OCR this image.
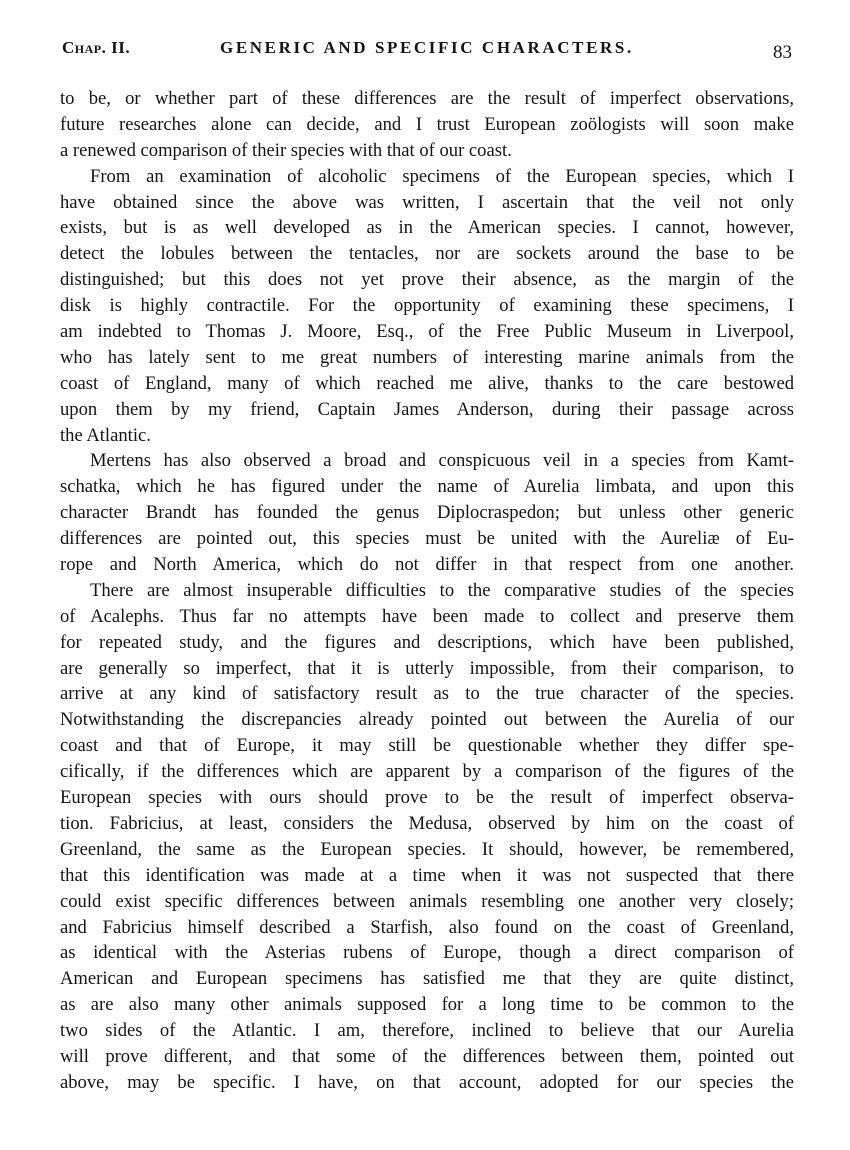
Chap. II.	GENERIC AND SPECIFIC CHARACTERS.	83
to be, or whether part of these differences are the result of imperfect observations,
future researches alone can decide, and I trust European zoölogists will soon make
a renewed comparison of their species with that of our coast.
From an examination of alcoholic specimens of the European species, which I
have obtained since the above was written, I ascertain that the veil not only
exists, but is as well developed as in the American species. I cannot, however,
detect the lobules between the tentacles, nor are sockets around the base to be
distinguished; but this does not yet prove their absence, as the margin of the
disk is highly contractile. For the opportunity of examining these specimens, I
am indebted to Thomas J. Moore, Esq., of the Free Public Museum in Liverpool,
who has lately sent to me great numbers of interesting marine animals from the
coast of England, many of which reached me alive, thanks to the care bestowed
upon them by my friend, Captain James Anderson, during their passage across
the Atlantic.
Mertens has also observed a broad and conspicuous veil in a species from Kamt-
schatka, which he has figured under the name of Aurelia limbata, and upon this
character Brandt has founded the genus Diplocraspedon; but unless other generic
differences are pointed out, this species must be united with the Aureliæ of Eu-
rope and North America, which do not differ in that respect from one another.
There are almost insuperable difficulties to the comparative studies of the species
of Acalephs. Thus far no attempts have been made to collect and preserve them
for repeated study, and the figures and descriptions, which have been published,
are generally so imperfect, that it is utterly impossible, from their comparison, to
arrive at any kind of satisfactory result as to the true character of the species.
Notwithstanding the discrepancies already pointed out between the Aurelia of our
coast and that of Europe, it may still be questionable whether they differ spe-
cifically, if the differences which are apparent by a comparison of the figures of the
European species with ours should prove to be the result of imperfect observa-
tion. Fabricius, at least, considers the Medusa, observed by him on the coast of
Greenland, the same as the European species. It should, however, be remembered,
that this identification was made at a time when it was not suspected that there
could exist specific differences between animals resembling one another very closely;
and Fabricius himself described a Starfish, also found on the coast of Greenland,
as identical with the Asterias rubens of Europe, though a direct comparison of
American and European specimens has satisfied me that they are quite distinct,
as are also many other animals supposed for a long time to be common to the
two sides of the Atlantic. I am, therefore, inclined to believe that our Aurelia
will prove different, and that some of the differences between them, pointed out
above, may be specific. I have, on that account, adopted for our species the
